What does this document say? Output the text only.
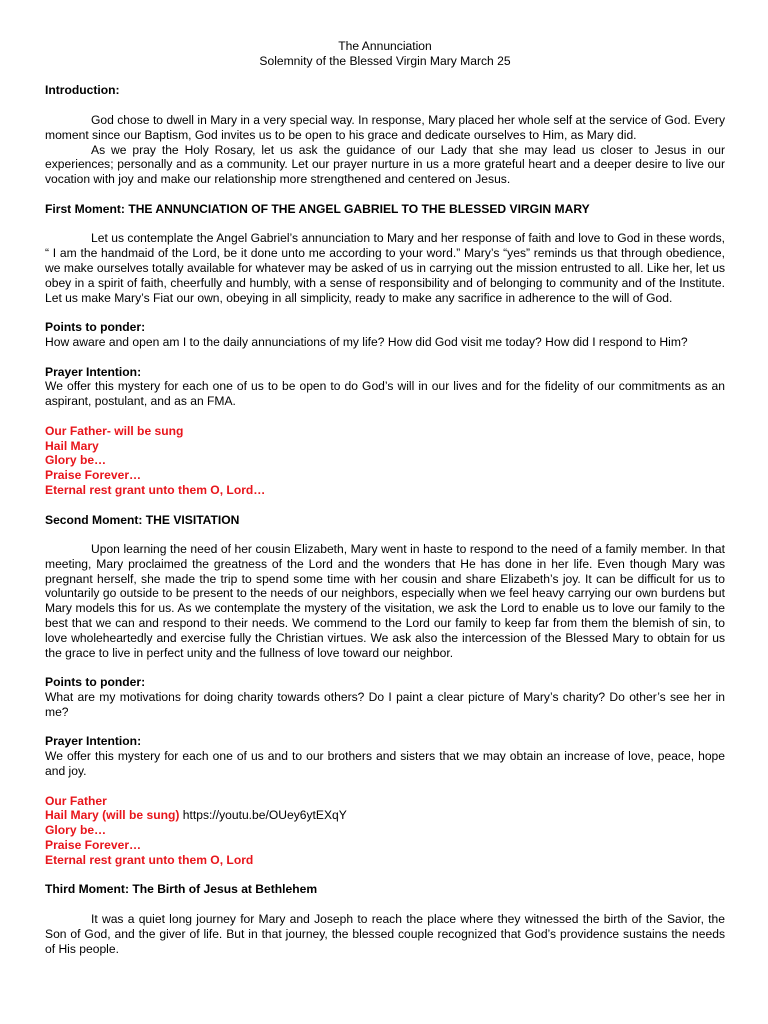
The Annunciation
Solemnity of the Blessed Virgin Mary March 25
Introduction:

God chose to dwell in Mary in a very special way. In response, Mary placed her whole self at the service of God. Every moment since our Baptism, God invites us to be open to his grace and dedicate ourselves to Him, as Mary did.

As we pray the Holy Rosary, let us ask the guidance of our Lady that she may lead us closer to Jesus in our experiences; personally and as a community. Let our prayer nurture in us a more grateful heart and a deeper desire to live our vocation with joy and make our relationship more strengthened and centered on Jesus.

First Moment: THE ANNUNCIATION OF THE ANGEL GABRIEL TO THE BLESSED VIRGIN MARY

Let us contemplate the Angel Gabriel’s annunciation to Mary and her response of faith and love to God in these words, “ I am the handmaid of the Lord, be it done unto me according to your word.” Mary’s “yes” reminds us that through obedience, we make ourselves totally available for whatever may be asked of us in carrying out the mission entrusted to all. Like her, let us obey in a spirit of faith, cheerfully and humbly, with a sense of responsibility and of belonging to community and of the Institute. Let us make Mary’s Fiat our own, obeying in all simplicity, ready to make any sacrifice in adherence to the will of God.

Points to ponder:

How aware and open am I to the daily annunciations of my life? How did God visit me today? How did I respond to Him?

Prayer Intention:

We offer this mystery for each one of us to be open to do God’s will in our lives and for the fidelity of our commitments as an aspirant, postulant, and as an FMA.

Our Father- will be sung
Hail Mary
Glory be…
Praise Forever…
Eternal rest grant unto them O, Lord…
Second Moment: THE VISITATION

Upon learning the need of her cousin Elizabeth, Mary went in haste to respond to the need of a family member. In that meeting, Mary proclaimed the greatness of the Lord and the wonders that He has done in her life. Even though Mary was pregnant herself, she made the trip to spend some time with her cousin and share Elizabeth’s joy. It can be difficult for us to voluntarily go outside to be present to the needs of our neighbors, especially when we feel heavy carrying our own burdens but Mary models this for us. As we contemplate the mystery of the visitation, we ask the Lord to enable us to love our family to the best that we can and respond to their needs. We commend to the Lord our family to keep far from them the blemish of sin, to love wholeheartedly and exercise fully the Christian virtues. We ask also the intercession of the Blessed Mary to obtain for us the grace to live in perfect unity and the fullness of love toward our neighbor.

Points to ponder:

What are my motivations for doing charity towards others? Do I paint a clear picture of Mary’s charity? Do other’s see her in me?

Prayer Intention:

We offer this mystery for each one of us and to our brothers and sisters that we may obtain an increase of love, peace, hope and joy.

Our Father
Hail Mary (will be sung) https://youtu.be/OUey6ytEXqY
Glory be…
Praise Forever…
Eternal rest grant unto them O, Lord
Third Moment: The Birth of Jesus at Bethlehem

It was a quiet long journey for Mary and Joseph to reach the place where they witnessed the birth of the Savior, the Son of God, and the giver of life. But in that journey, the blessed couple recognized that God’s providence sustains the needs of His people.
